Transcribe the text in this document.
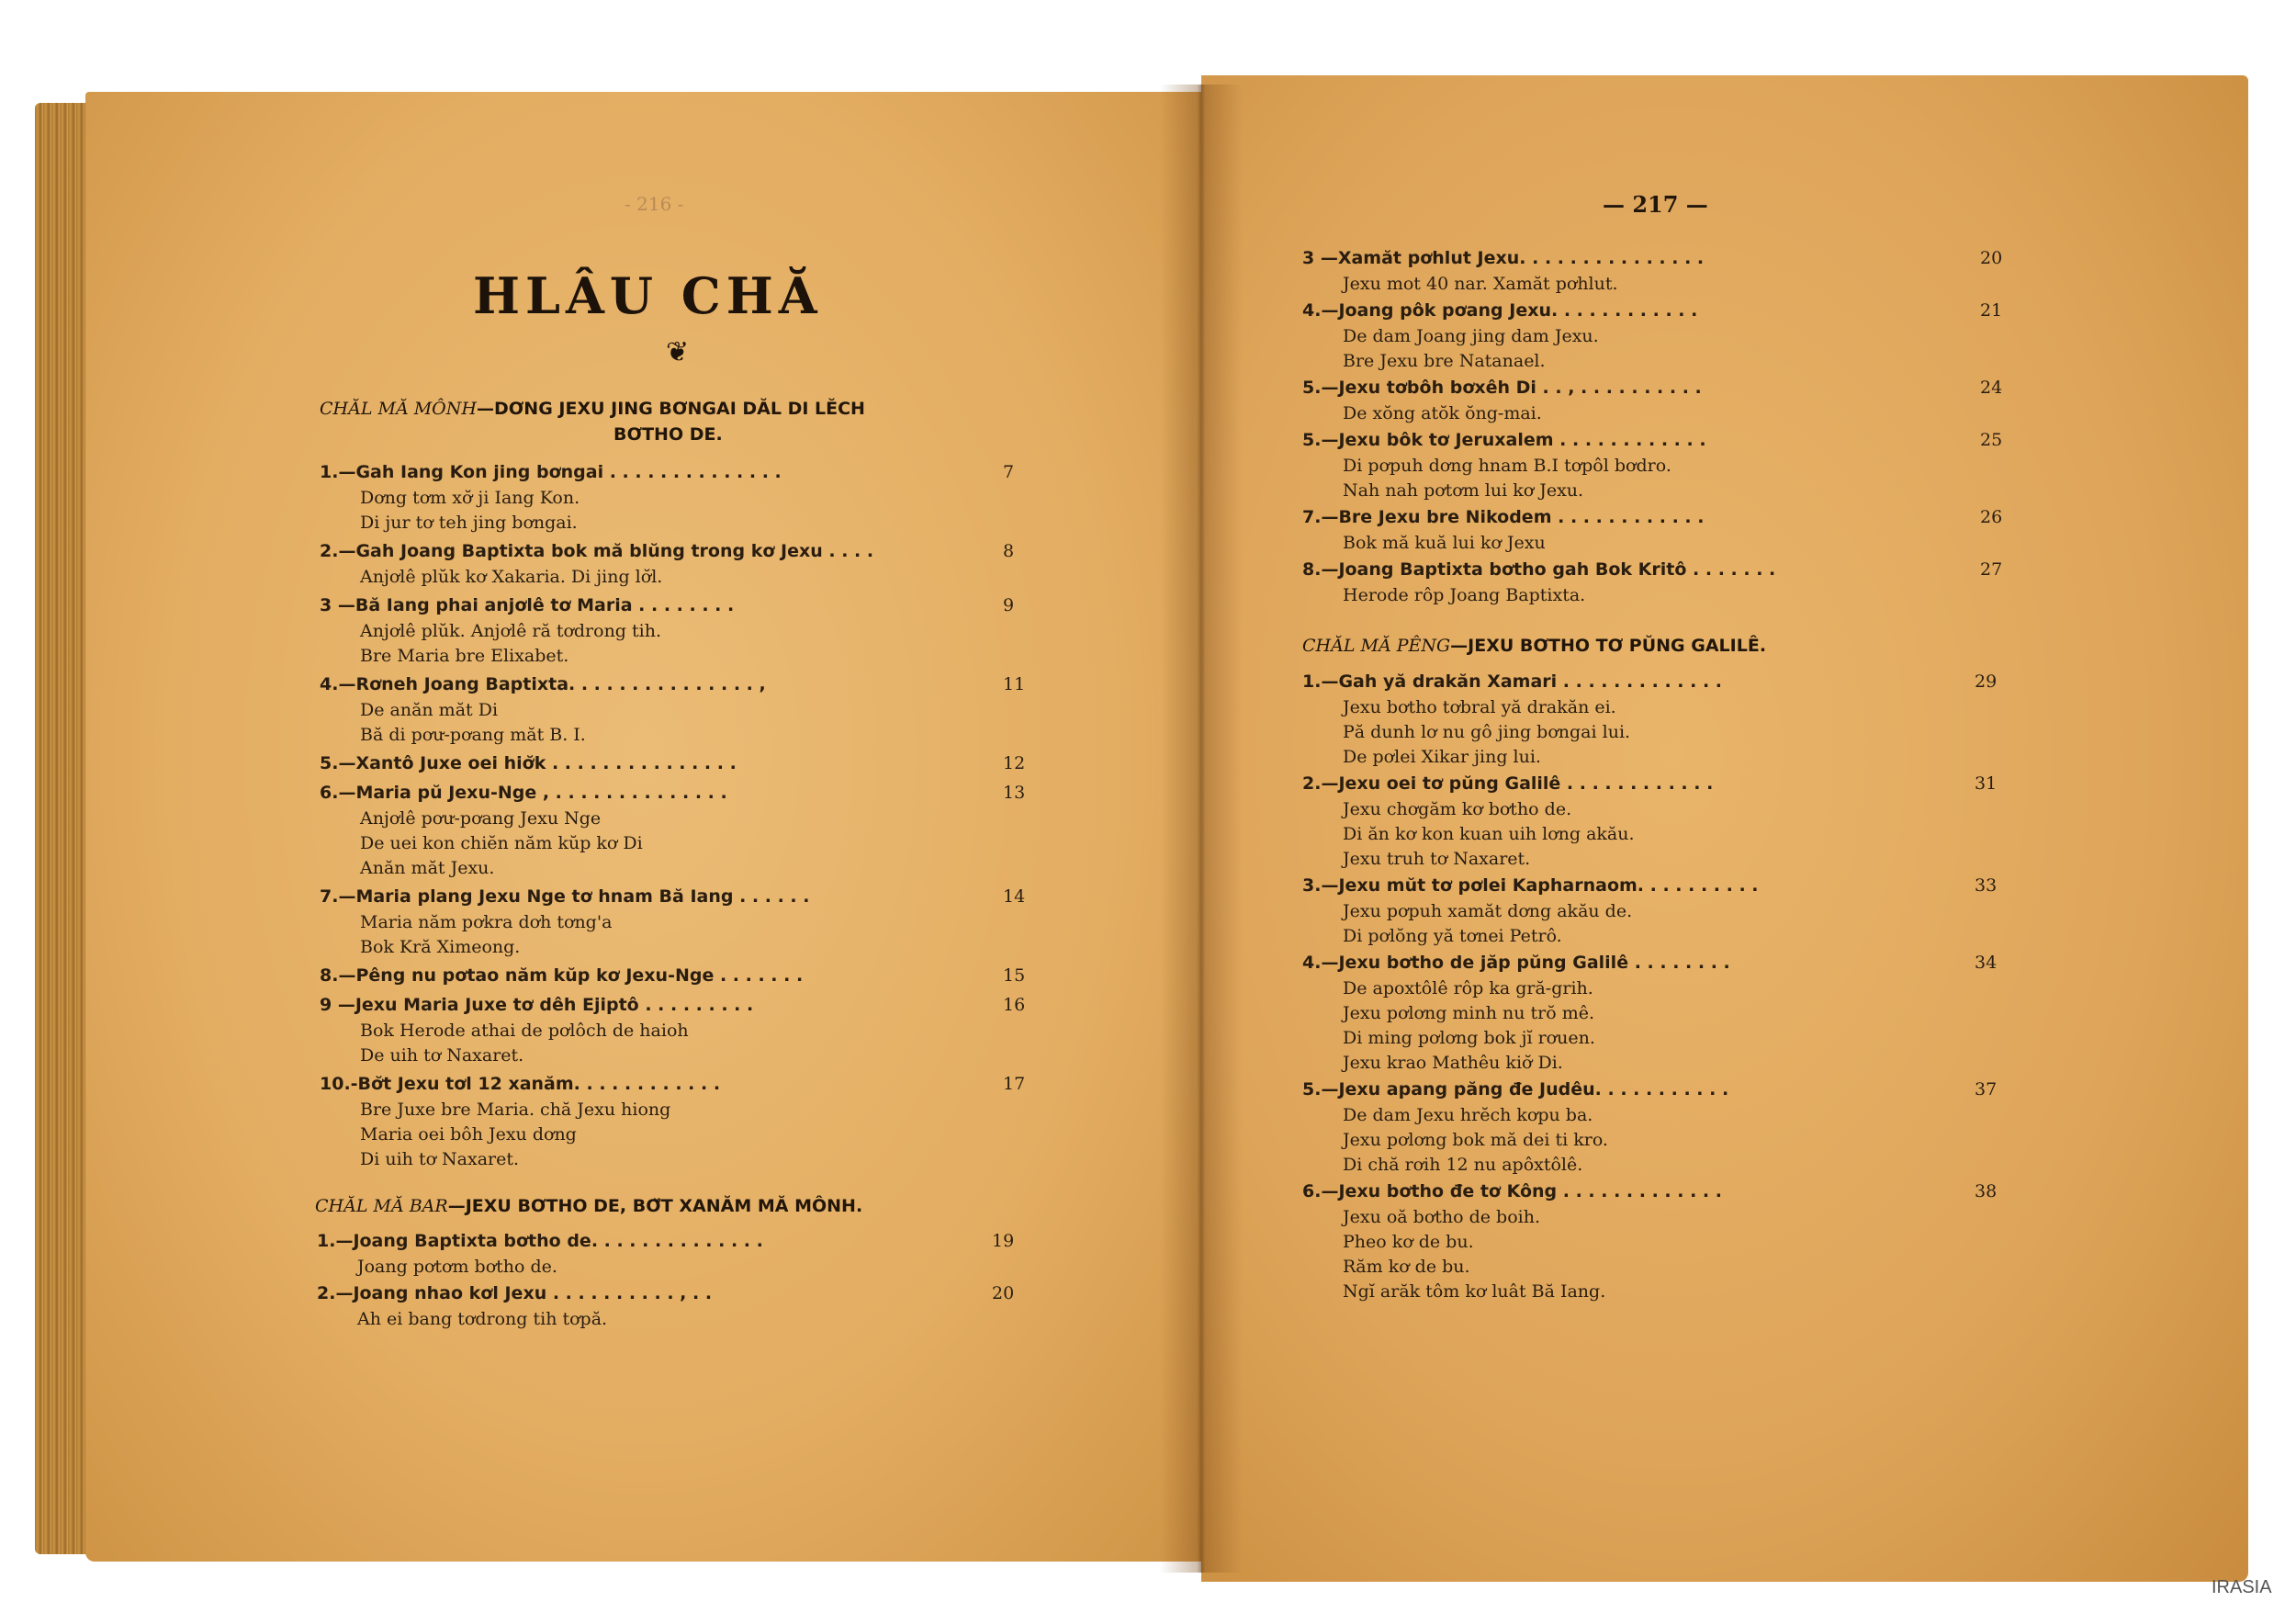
- 216 -
HLÂU CHĂ
❦
CHĂL MĂ MÔNH—DƠNG JEXU JING BƠNGAI DĂL DI LĔCH
BƠTHO DE.
1.—Gah Iang Kon jing bơngai . . . . . . . . . . . . . .	7
Dơng tơm xơ̆ ji Iang Kon.
Di jur tơ teh jing bơngai.
2.—Gah Joang Baptixta bok mă blŭng trong kơ Jexu . . . .	8
Anjơlê plŭk kơ Xakaria. Di jing lơ̆l.
3 —Bă Iang phai anjơlê tơ Maria . . . . . . . .	9
Anjơlê plŭk. Anjơlê ră tơdrong tih.
Bre Maria bre Elixabet.
4.—Rơneh Joang Baptixta. . . . . . . . . . . . . . . ,	11
De anăn măt Di
Bă di pơư-pơang măt B. I.
5.—Xantô Juxe oei hiơ̆k . . . . . . . . . . . . . . .	12
6.—Maria pŭ Jexu-Nge , . . . . . . . . . . . . . .	13
Anjơlê pơư-pơang Jexu Nge
De uei kon chiĕn năm kŭp kơ Di
Anăn măt Jexu.
7.—Maria plang Jexu Nge tơ hnam Bă Iang . . . . . .	14
Maria năm pơkra dơh tơng'a
Bok Kră Ximeong.
8.—Pêng nu pơtao năm kŭp kơ Jexu-Nge . . . . . . .	15
9 —Jexu Maria Juxe tơ dêh Ejiptô . . . . . . . . .	16
Bok Herode athai de pơlôch de haioh
De uih tơ Naxaret.
10.-Bơ̆t Jexu tơl 12 xanăm. . . . . . . . . . . .	17
Bre Juxe bre Maria. chă Jexu hiong
Maria oei bôh Jexu dơng
Di uih tơ Naxaret.
CHĂL MĂ BAR—JEXU BƠTHO DE, BƠ̆T XANĂM MĂ MÔNH.
1.—Joang Baptixta bơtho de. . . . . . . . . . . . . .	19
Joang pơtơm bơtho de.
2.—Joang nhao kơl Jexu . . . . . . . . . . , . .	20
Ah ei bang tơdrong tih tơpă.
— 217 —
3 —Xamăt pơhlut Jexu. . . . . . . . . . . . . . .	20
Jexu mot 40 nar. Xamăt pơhlut.
4.—Joang pôk pơang Jexu. . . . . . . . . . . .	21
De dam Joang jing dam Jexu.
Bre Jexu bre Natanael.
5.—Jexu tơbôh bơxêh Di . . , . . . . . . . . . .	24
De xŏng atŏk ŏng-mai.
5.—Jexu bôk tơ Jeruxalem . . . . . . . . . . . .	25
Di pơpuh dơng hnam B.I tơpôl bơdro.
Nah nah pơtơm lui kơ Jexu.
7.—Bre Jexu bre Nikodem . . . . . . . . . . . .	26
Bok mă kuă lui kơ Jexu
8.—Joang Baptixta bơtho gah Bok Kritô . . . . . . .	27
Herode rôp Joang Baptixta.
CHĂL MĂ PÊNG—JEXU BƠTHO TƠ PŬNG GALILÊ.
1.—Gah yă drakăn Xamari . . . . . . . . . . . . .	29
Jexu bơtho tơbral yă drakăn ei.
Pă dunh lơ nu gô jing bơngai lui.
De pơlei Xikar jing lui.
2.—Jexu oei tơ pŭng Galilê . . . . . . . . . . . .	31
Jexu chơgăm kơ bơtho de.
Di ăn kơ kon kuan uih lơng akău.
Jexu truh tơ Naxaret.
3.—Jexu mŭt tơ pơlei Kapharnaom. . . . . . . . . .	33
Jexu pơpuh xamăt dơng akău de.
Di pơlŏng yă tơnei Petrô.
4.—Jexu bơtho de jăp pŭng Galilê . . . . . . . .	34
De apoxtôlê rôp ka gră-grih.
Jexu pơlơng minh nu trŏ mê.
Di ming pơlơng bok jĭ rơuen.
Jexu krao Mathêu kiơ̆ Di.
5.—Jexu apang păng đe Judêu. . . . . . . . . . .	37
De dam Jexu hrĕch kơpu ba.
Jexu pơlơng bok mă dei ti kro.
Di chă rơih 12 nu apôxtôlê.
6.—Jexu bơtho đe tơ Kông . . . . . . . . . . . . .	38
Jexu oă bơtho de boih.
Pheo kơ de bu.
Răm kơ de bu.
Ngĭ arăk tôm kơ luât Bă Iang.
IRASIA
